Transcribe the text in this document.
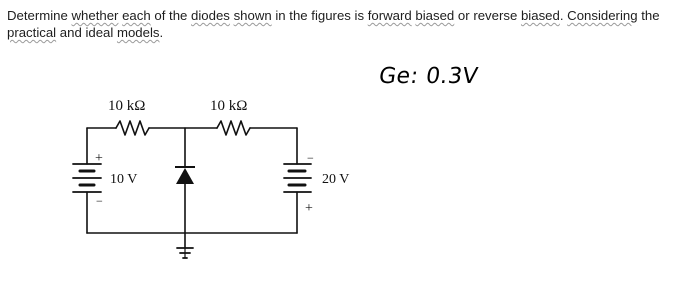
Determine whether each of the diodes shown in the figures is forward biased or reverse biased. Considering the practical and ideal models.
Ge: 0.3V
10 kΩ	10 kΩ
10 V	20 V
+
−
−
+
